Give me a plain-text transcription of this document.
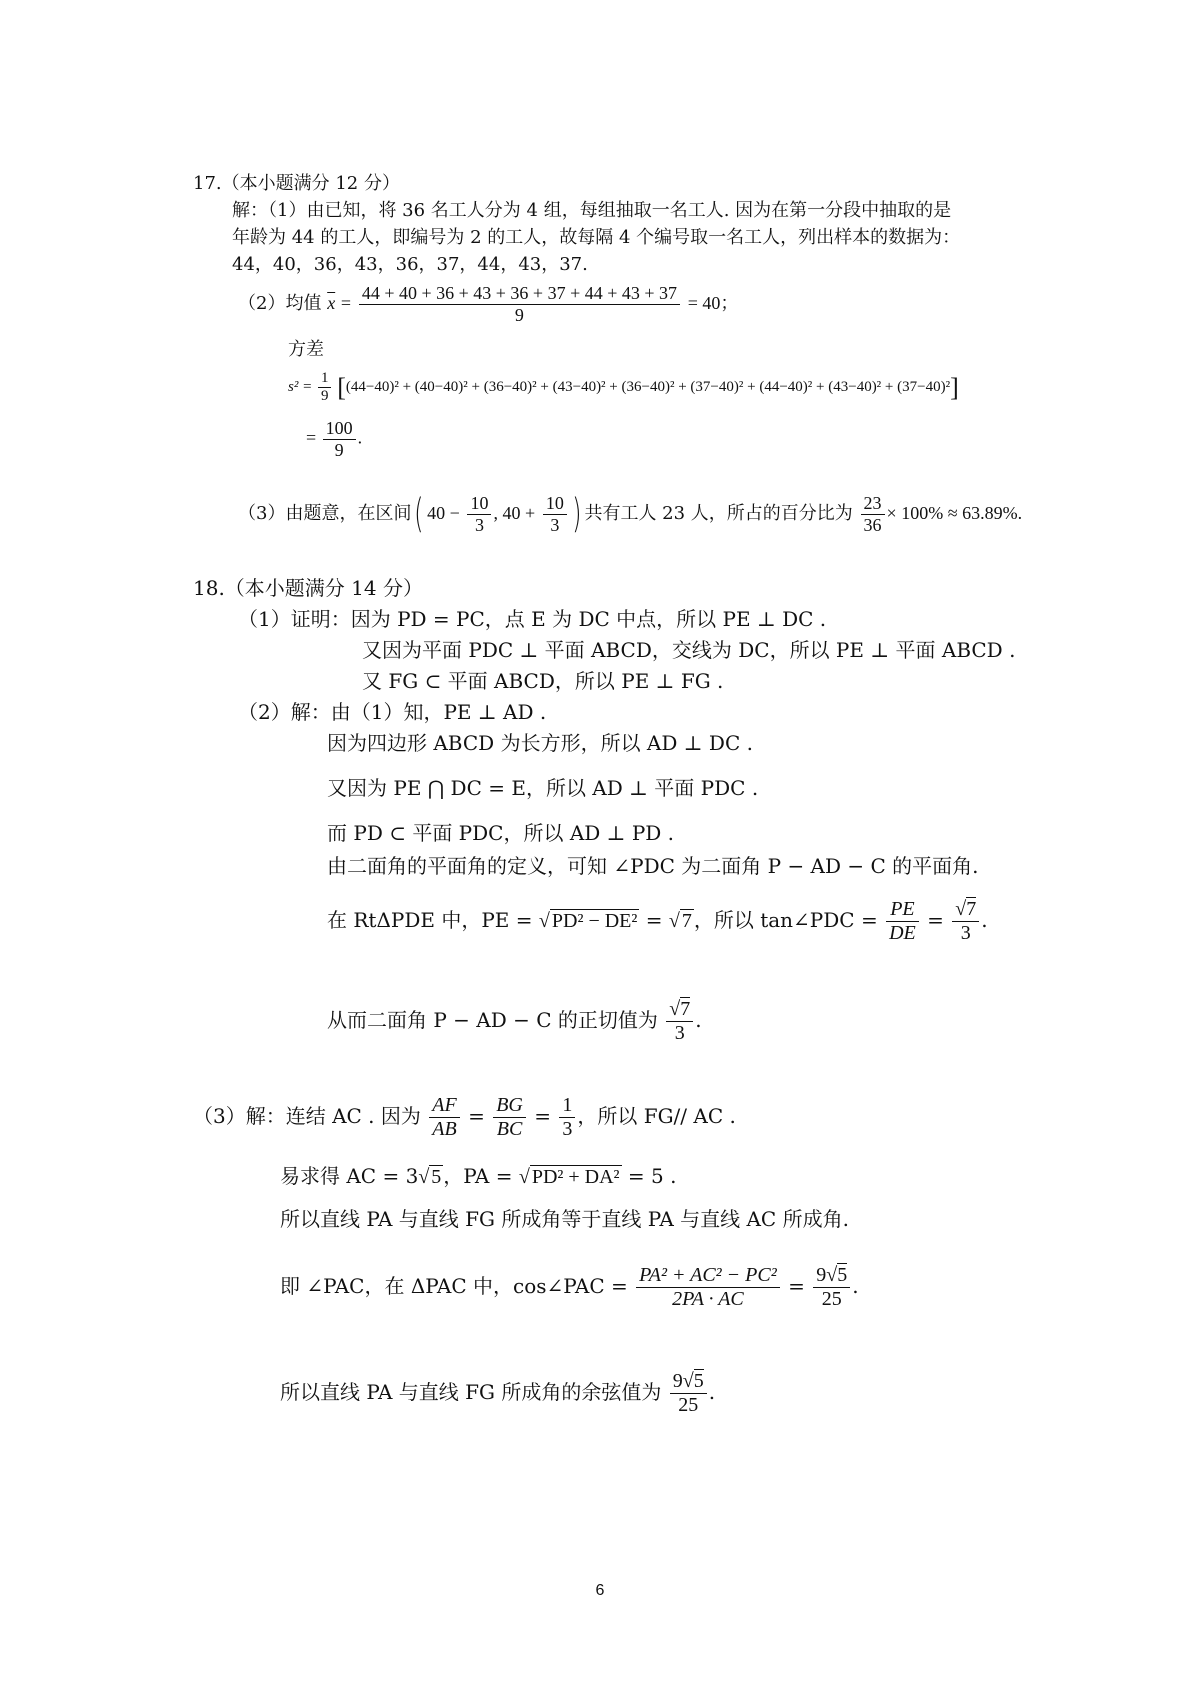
17.（本小题满分 12 分）
解：（1）由已知，将 36 名工人分为 4 组，每组抽取一名工人. 因为在第一分段中抽取的是
年龄为 44 的工人，即编号为 2 的工人，故每隔 4 个编号取一名工人，列出样本的数据为：
44，40，36，43，36，37，44，43，37.
（2）均值 $\overline{x} = \frac{44 + 40 + 36 + 43 + 36 + 37 + 44 + 43 + 37}{9} = 40$；
方差
$s^2 = \frac{1}{9} [(44-40)^2 + (40-40)^2 + (36-40)^2 + (43-40)^2 + (36-40)^2 + (37-40)^2 + (44-40)^2 + (43-40)^2 + (37-40)^2]$
= $\frac{100}{9}$ .
（3）由题意，在区间( $40 - \frac{10}{3}$ , $40 + \frac{10}{3}$ ) 共有工人 23 人，所占的百分比为 $\frac{23}{36} \times 100\% \approx 63.89\%$.
18.（本小题满分 14 分）
（1）证明：因为 PD = PC，点 E 为 DC 中点，所以 PE ⊥ DC .
又因为平面 PDC ⊥ 平面 ABCD，交线为 DC，所以 PE ⊥ 平面 ABCD .
又 FG ⊂ 平面 ABCD，所以 PE ⊥ FG .
（2）解：由（1）知，PE ⊥ AD .
因为四边形 ABCD 为长方形，所以 AD ⊥ DC .
又因为 PE ⋂ DC = E，所以 AD ⊥ 平面 PDC .
而 PD ⊂ 平面 PDC，所以 AD ⊥ PD .
由二面角的平面角的定义，可知 ∠PDC 为二面角 P − AD − C 的平面角.
在 RtΔPDE 中，PE = √ PD² − DE² = √ 7 ，所以 tan∠PDC = $\frac{PE}{DE} = \frac{√7}{3}$ .
从而二面角 P − AD − C 的正切值为 $\frac{√7}{3}$ .
（3）解：连结 AC . 因为 $\frac{AF}{AB} = \frac{BG}{BC} = \frac{1}{3}$ ，所以 FG// AC .
易求得 AC = 3√ 5 ，PA = √ PD² + DA² = 5 .
所以直线 PA 与直线 FG 所成角等于直线 PA 与直线 AC 所成角.
即 ∠PAC，在 ΔPAC 中，cos∠PAC = $\frac{\text{PA² + AC² − PC²}}{2PA \cdot AC} = \frac{9√5}{25}$ .
所以直线 PA 与直线 FG 所成角的余弦值为 $\frac{9√5}{25}$ .
6
